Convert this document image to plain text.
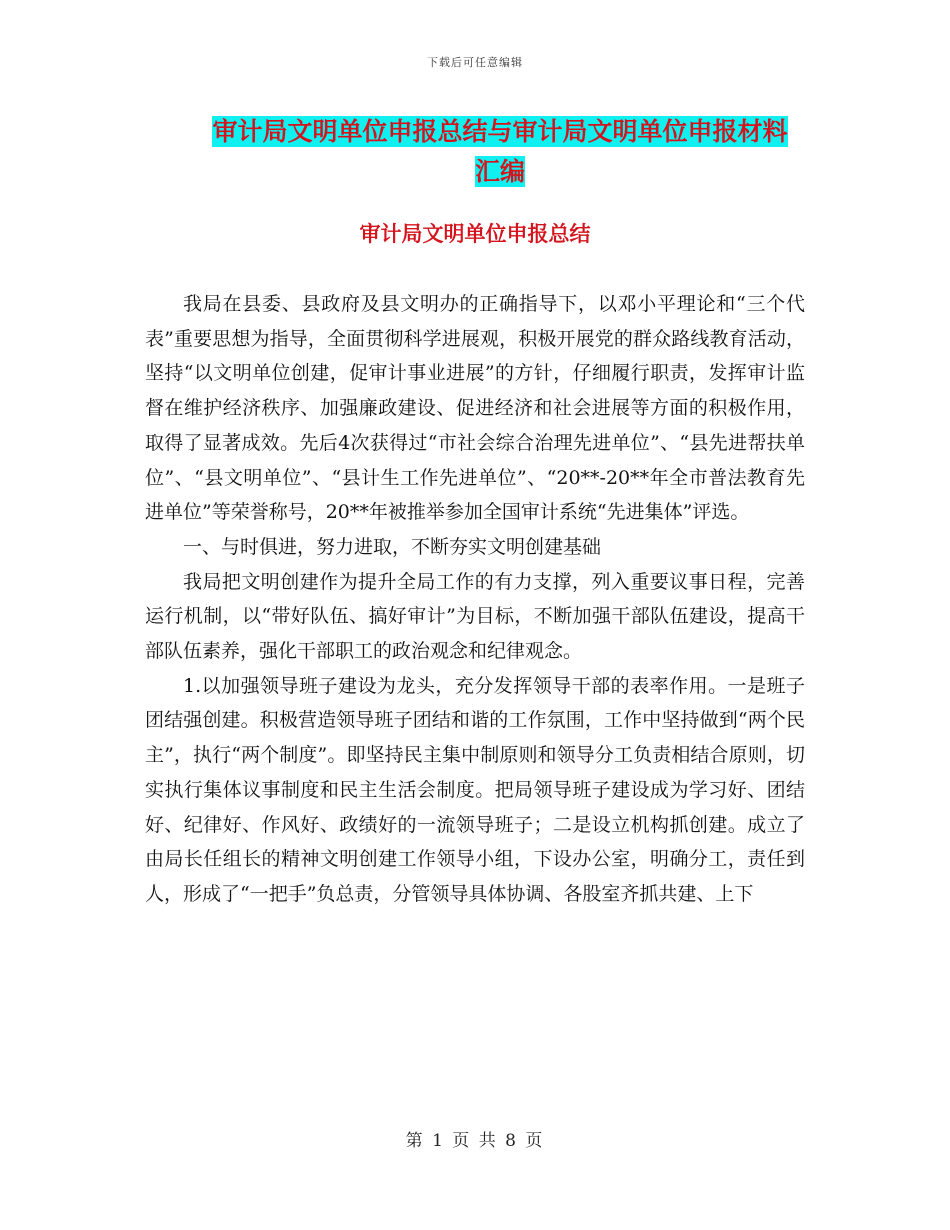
下载后可任意编辑
审计局文明单位申报总结与审计局文明单位申报材料
汇编
审计局文明单位申报总结

我局在县委、县政府及县文明办的正确指导下，以邓小平理论和“三个代表”重要思想为指导，全面贯彻科学进展观，积极开展党的群众路线教育活动，坚持“以文明单位创建，促审计事业进展”的方针，仔细履行职责，发挥审计监督在维护经济秩序、加强廉政建设、促进经济和社会进展等方面的积极作用，取得了显著成效。先后4次获得过“市社会综合治理先进单位”、“县先进帮扶单位”、“县文明单位”、“县计生工作先进单位”、“20**-20**年全市普法教育先进单位”等荣誉称号，20**年被推举参加全国审计系统“先进集体”评选。

一、与时俱进，努力进取，不断夯实文明创建基础

我局把文明创建作为提升全局工作的有力支撑，列入重要议事日程，完善运行机制，以“带好队伍、搞好审计”为目标，不断加强干部队伍建设，提高干部队伍素养，强化干部职工的政治观念和纪律观念。

1.以加强领导班子建设为龙头，充分发挥领导干部的表率作用。一是班子团结强创建。积极营造领导班子团结和谐的工作氛围，工作中坚持做到“两个民主”，执行“两个制度”。即坚持民主集中制原则和领导分工负责相结合原则，切实执行集体议事制度和民主生活会制度。把局领导班子建设成为学习好、团结好、纪律好、作风好、政绩好的一流领导班子；二是设立机构抓创建。成立了由局长任组长的精神文明创建工作领导小组，下设办公室，明确分工，责任到人，形成了“一把手”负总责，分管领导具体协调、各股室齐抓共建、上下

第 1 页 共 8 页
